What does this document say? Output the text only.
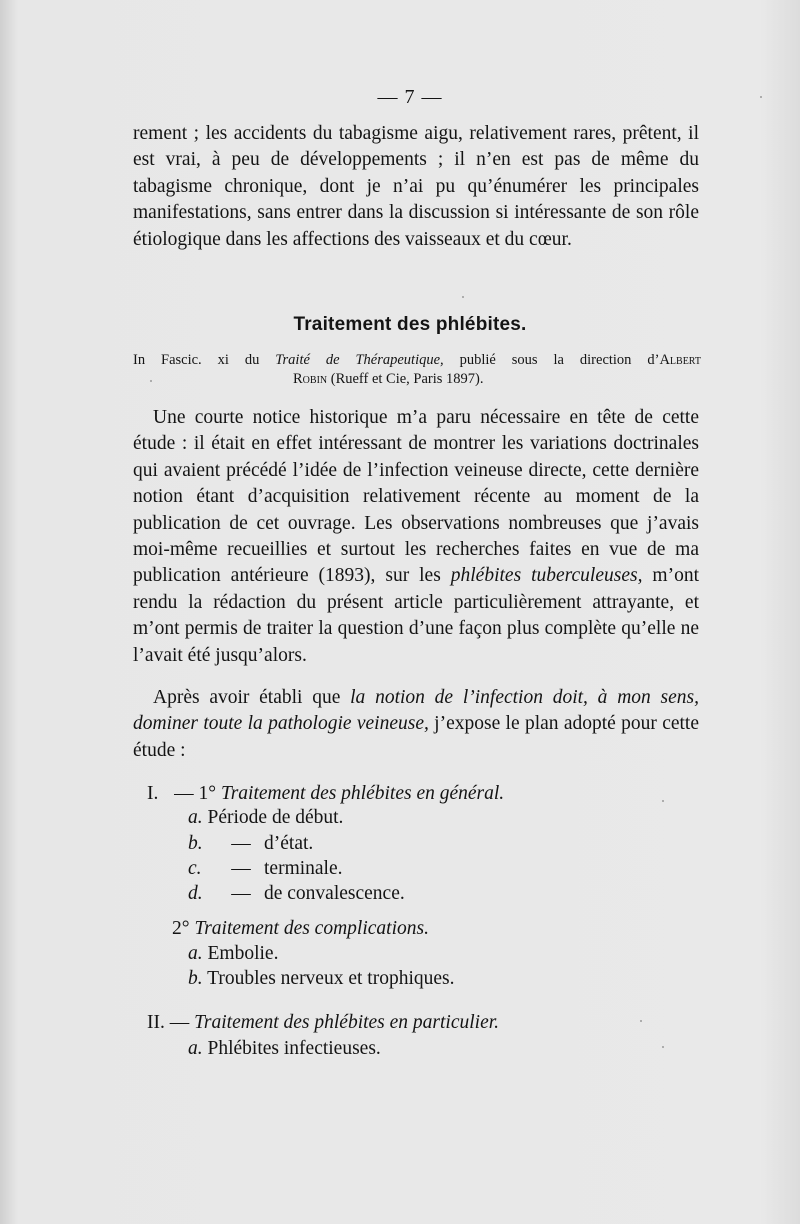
— 7 —

rement ; les accidents du tabagisme aigu, relativement rares, prêtent, il est vrai, à peu de développements ; il n’en est pas de même du tabagisme chronique, dont je n’ai pu qu’énumérer les principales manifestations, sans entrer dans la discussion si intéressante de son rôle étiologique dans les affections des vaisseaux et du cœur.

Traitement des phlébites.
In Fascic. xi du Traité de Thérapeutique, publié sous la direction d’Albert
Robin (Rueff et Cie, Paris 1897).

Une courte notice historique m’a paru nécessaire en tête de cette étude : il était en effet intéressant de montrer les variations doctrinales qui avaient précédé l’idée de l’infection veineuse directe, cette dernière notion étant d’acquisition relativement récente au moment de la publication de cet ouvrage. Les observations nombreuses que j’avais moi-même recueillies et surtout les recherches faites en vue de ma publication antérieure (1893), sur les phlébites tuberculeuses, m’ont rendu la rédaction du présent article particulièrement attrayante, et m’ont permis de traiter la question d’une façon plus complète qu’elle ne l’avait été jusqu’alors.

Après avoir établi que la notion de l’infection doit, à mon sens, dominer toute la pathologie veineuse, j’expose le plan adopté pour cette étude :

I. — 1° Traitement des phlébites en général.
a. Période de début.
b. — d’état.
c. — terminale.
d. — de convalescence.
2° Traitement des complications.
a. Embolie.
b. Troubles nerveux et trophiques.
II. — Traitement des phlébites en particulier.
a. Phlébites infectieuses.
